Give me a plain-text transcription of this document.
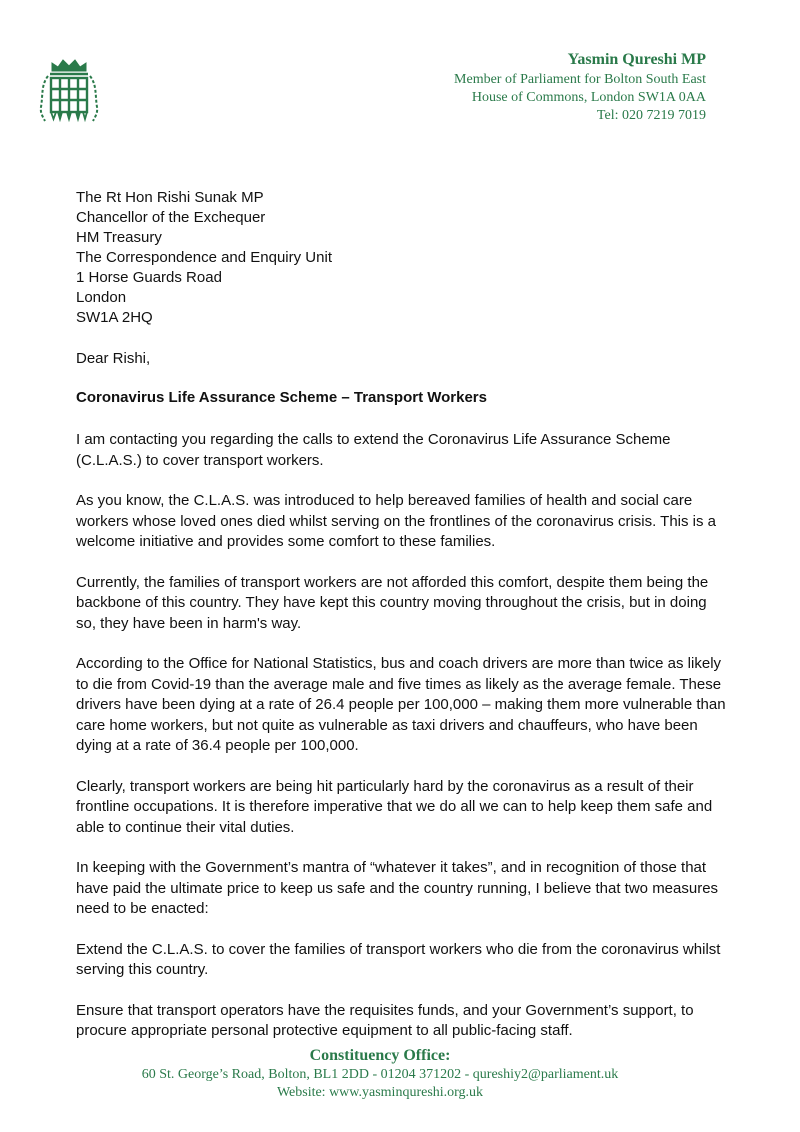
Yasmin Qureshi MP
Member of Parliament for Bolton South East
House of Commons, London SW1A 0AA
Tel: 020 7219 7019
The Rt Hon Rishi Sunak MP
Chancellor of the Exchequer
HM Treasury
The Correspondence and Enquiry Unit
1 Horse Guards Road
London
SW1A 2HQ
Dear Rishi,
Coronavirus Life Assurance Scheme – Transport Workers

I am contacting you regarding the calls to extend the Coronavirus Life Assurance Scheme (C.L.A.S.) to cover transport workers.

As you know, the C.L.A.S. was introduced to help bereaved families of health and social care workers whose loved ones died whilst serving on the frontlines of the coronavirus crisis. This is a welcome initiative and provides some comfort to these families.

Currently, the families of transport workers are not afforded this comfort, despite them being the backbone of this country. They have kept this country moving throughout the crisis, but in doing so, they have been in harm's way.

According to the Office for National Statistics, bus and coach drivers are more than twice as likely to die from Covid-19 than the average male and five times as likely as the average female. These drivers have been dying at a rate of 26.4 people per 100,000 – making them more vulnerable than care home workers, but not quite as vulnerable as taxi drivers and chauffeurs, who have been dying at a rate of 36.4 people per 100,000.

Clearly, transport workers are being hit particularly hard by the coronavirus as a result of their frontline occupations. It is therefore imperative that we do all we can to help keep them safe and able to continue their vital duties.

In keeping with the Government’s mantra of “whatever it takes”, and in recognition of those that have paid the ultimate price to keep us safe and the country running, I believe that two measures need to be enacted:

Extend the C.L.A.S. to cover the families of transport workers who die from the coronavirus whilst serving this country.

Ensure that transport operators have the requisites funds, and your Government’s support, to procure appropriate personal protective equipment to all public-facing staff.

Constituency Office:
60 St. George’s Road, Bolton, BL1 2DD - 01204 371202 - qureshiy2@parliament.uk
Website: www.yasminqureshi.org.uk
